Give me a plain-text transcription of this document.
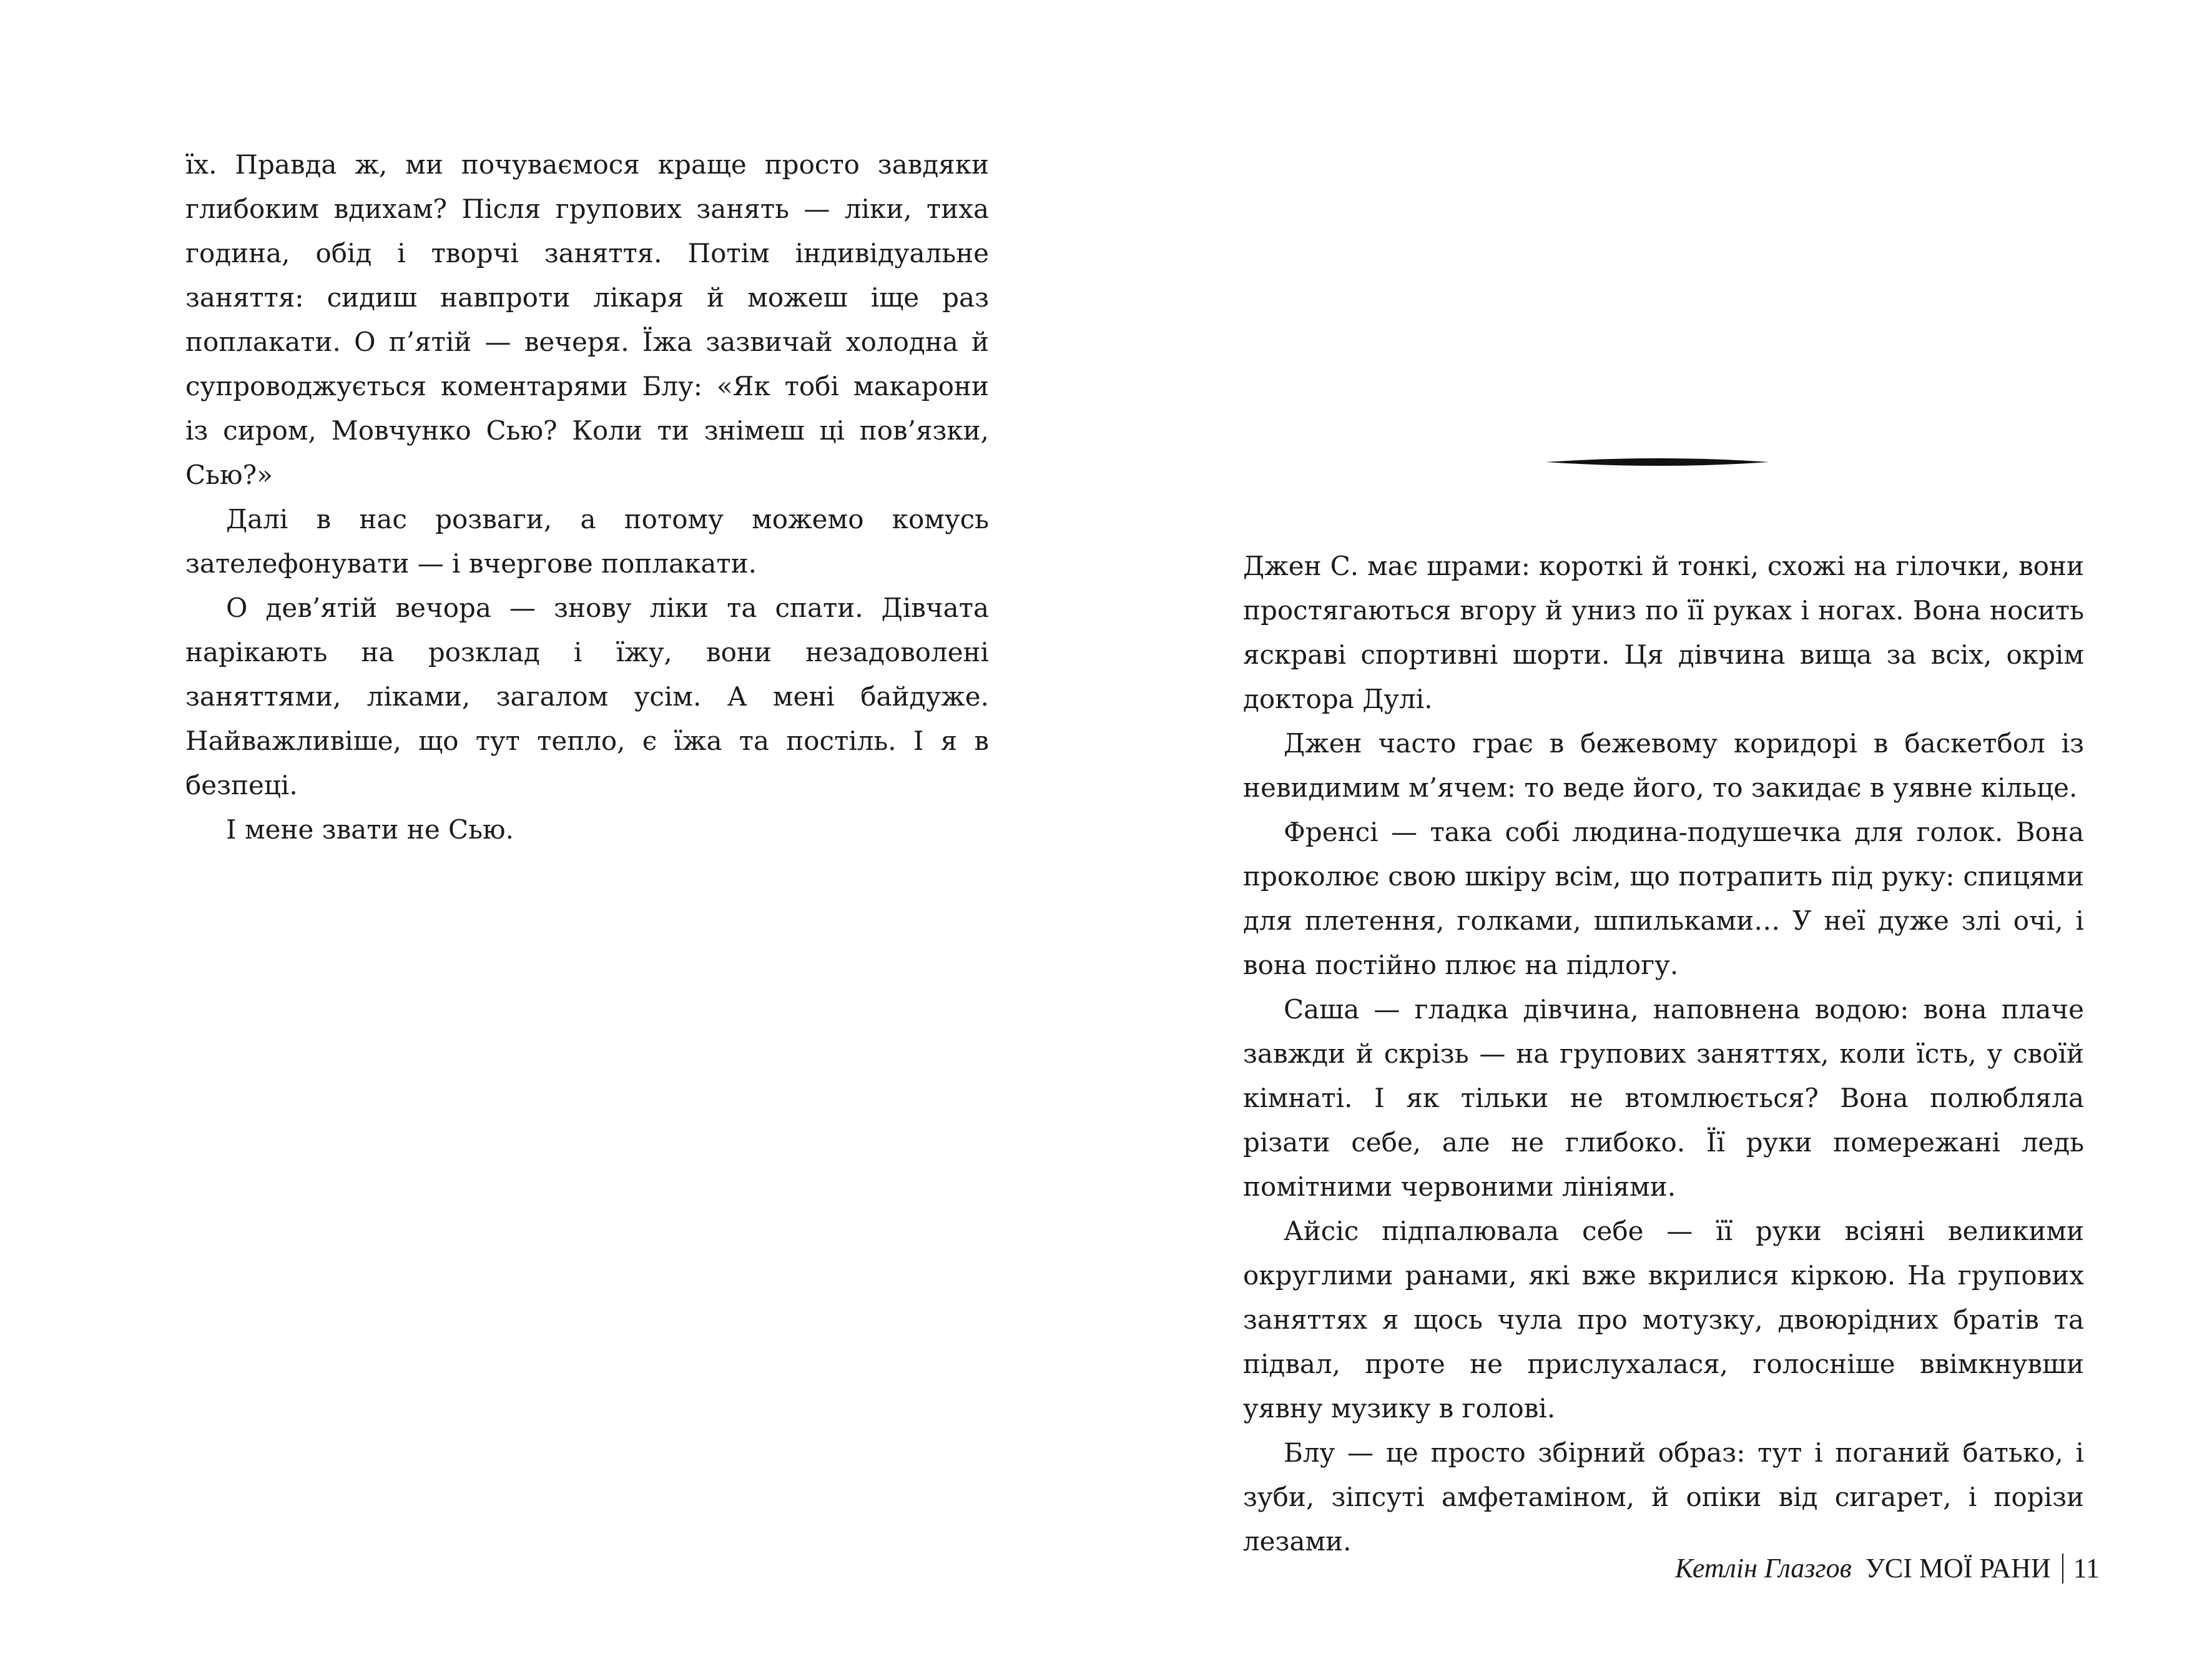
їх. Правда ж, ми почуваємося краще просто завдяки глибоким вдихам? Після групових занять — ліки, тиха година, обід і творчі заняття. Потім індивідуальне заняття: сидиш навпроти лікаря й можеш іще раз поплакати. О п’ятій — вечеря. Їжа зазвичай холодна й супроводжується коментарями Блу: «Як тобі макарони із сиром, Мовчунко Сью? Коли ти знімеш ці пов’язки, Сью?»

Далі в нас розваги, а потому можемо комусь зателефонувати — і вчергове поплакати.

О дев’ятій вечора — знову ліки та спати. Дівчата нарікають на розклад і їжу, вони незадоволені заняттями, ліками, загалом усім. А мені байдуже. Найважливіше, що тут тепло, є їжа та постіль. І я в безпеці.

І мене звати не Сью.

Джен С. має шрами: короткі й тонкі, схожі на гілочки, вони простягаються вгору й униз по її руках і ногах. Вона носить яскраві спортивні шорти. Ця дівчина вища за всіх, окрім доктора Дулі.

Джен часто грає в бежевому коридорі в баскетбол із невидимим м’ячем: то веде його, то закидає в уявне кільце.

Френсі — така собі людина-подушечка для голок. Вона проколює свою шкіру всім, що потрапить під руку: спицями для плетення, голками, шпильками… У неї дуже злі очі, і вона постійно плює на підлогу.

Саша — гладка дівчина, наповнена водою: вона плаче завжди й скрізь — на групових заняттях, коли їсть, у своїй кімнаті. І як тільки не втомлюється? Вона полюбляла різати себе, але не глибоко. Її руки помережані ледь помітними червоними лініями.

Айсіс підпалювала себе — її руки всіяні великими округлими ранами, які вже вкрилися кіркою. На групових заняттях я щось чула про мотузку, двоюрідних братів та підвал, проте не прислухалася, голосніше ввімкнувши уявну музику в голові.

Блу — це просто збірний образ: тут і поганий батько, і зуби, зіпсуті амфетаміном, й опіки від сигарет, і порізи лезами.

Кетлін Глазгов УСІ МОЇ РАНИ 11
